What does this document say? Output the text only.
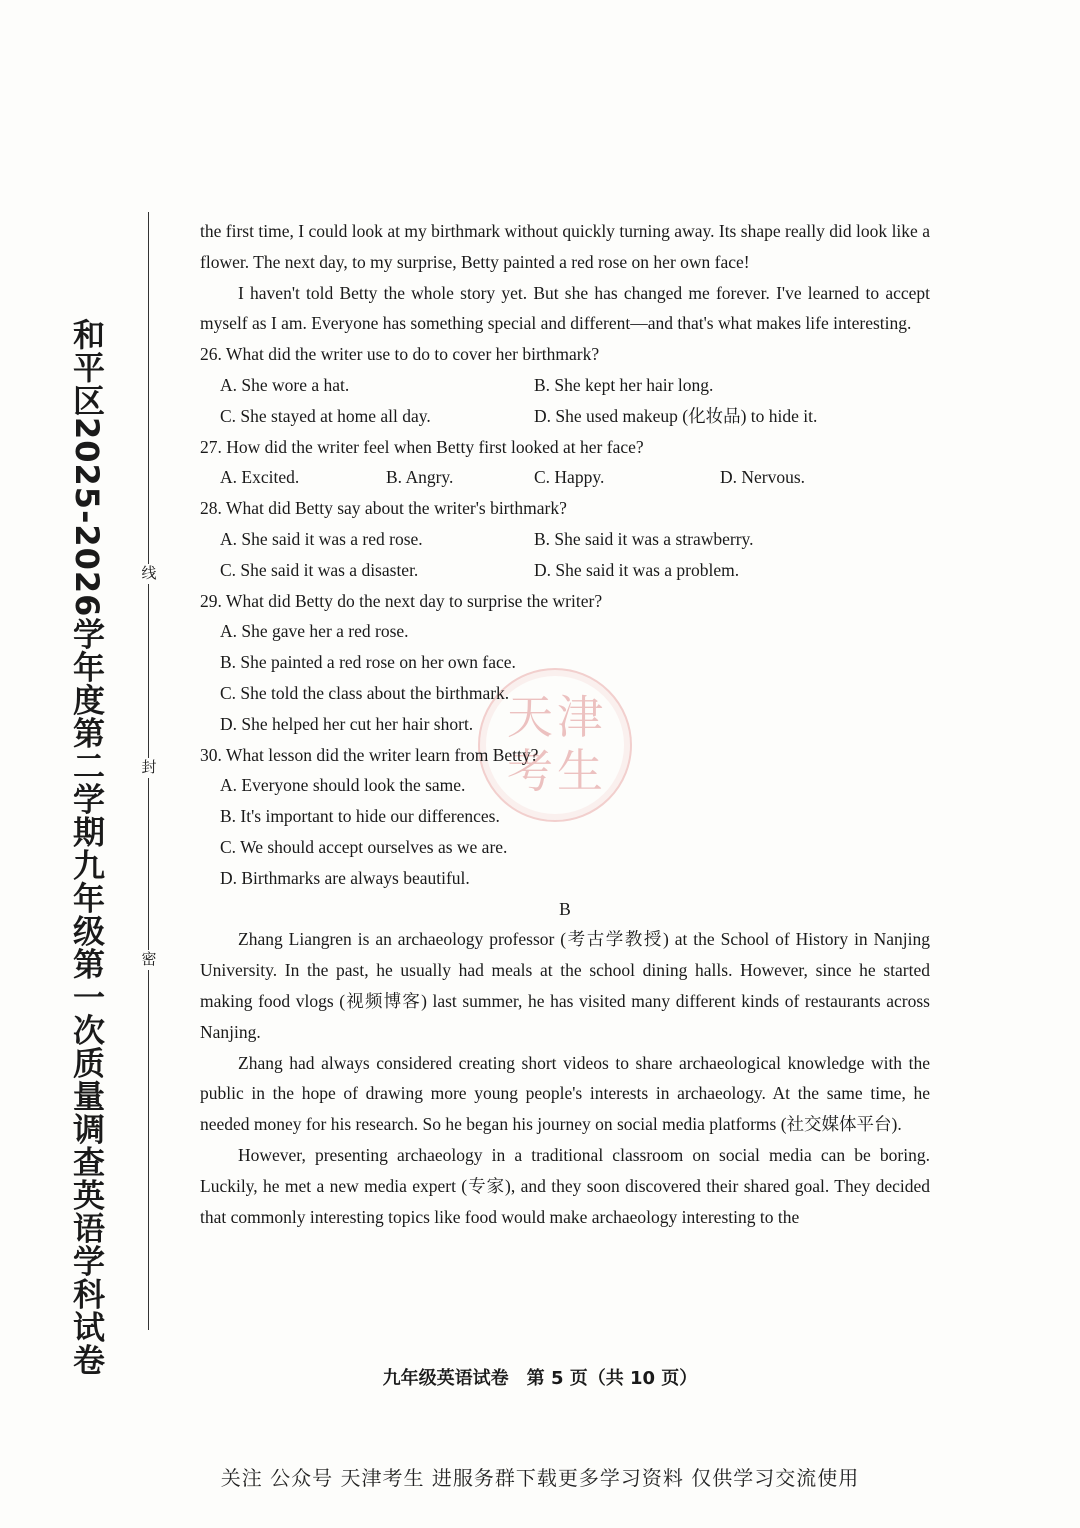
和平区2025-2026学年度第二学期九年级第一次质量调查英语学科试卷	线
封
密
天津考生

the first time, I could look at my birthmark without quickly turning away. Its shape really did look like a flower. The next day, to my surprise, Betty painted a red rose on her own face!

I haven't told Betty the whole story yet. But she has changed me forever. I've learned to accept myself as I am. Everyone has something special and different—and that's what makes life interesting.

26. What did the writer use to do to cover her birthmark?

A. She wore a hat.	B. She kept her hair long.
C. She stayed at home all day.	D. She used makeup (化妆品) to hide it.

27. How did the writer feel when Betty first looked at her face?

A. Excited.	B. Angry.	C. Happy.	D. Nervous.

28. What did Betty say about the writer's birthmark?

A. She said it was a red rose.	B. She said it was a strawberry.
C. She said it was a disaster.	D. She said it was a problem.

29. What did Betty do the next day to surprise the writer?

A. She gave her a red rose.

B. She painted a red rose on her own face.

C. She told the class about the birthmark.

D. She helped her cut her hair short.

30. What lesson did the writer learn from Betty?

A. Everyone should look the same.

B. It's important to hide our differences.

C. We should accept ourselves as we are.

D. Birthmarks are always beautiful.

B

Zhang Liangren is an archaeology professor (考古学教授) at the School of History in Nanjing University. In the past, he usually had meals at the school dining halls. However, since he started making food vlogs (视频博客) last summer, he has visited many different kinds of restaurants across Nanjing.

Zhang had always considered creating short videos to share archaeological knowledge with the public in the hope of drawing more young people's interests in archaeology. At the same time, he needed money for his research. So he began his journey on social media platforms (社交媒体平台).

However, presenting archaeology in a traditional classroom on social media can be boring. Luckily, he met a new media expert (专家), and they soon discovered their shared goal. They decided that commonly interesting topics like food would make archaeology interesting to the

九年级英语试卷　第 5 页（共 10 页）
关注 公众号 天津考生 进服务群下载更多学习资料 仅供学习交流使用
